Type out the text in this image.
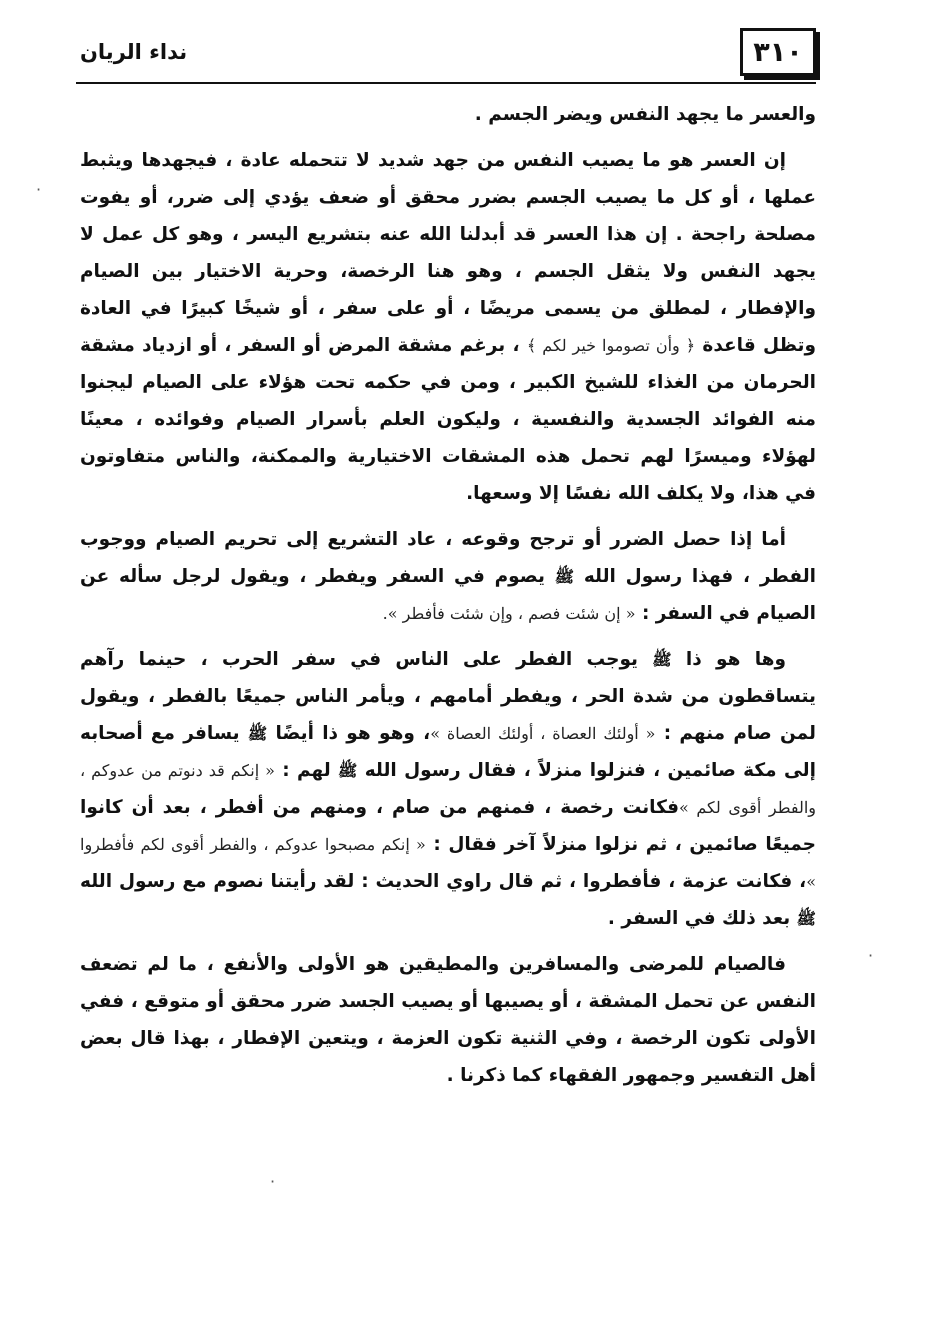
٣١٠
نداء الريان

والعسر ما يجهد النفس ويضر الجسم .

إن العسر هو ما يصيب النفس من جهد شديد لا تتحمله عادة ، فيجهدها ويثبط عملها ، أو كل ما يصيب الجسم بضرر محقق أو ضعف يؤدي إلى ضرر، أو يفوت مصلحة راجحة . إن هذا العسر قد أبدلنا الله عنه بتشريع اليسر ، وهو كل عمل لا يجهد النفس ولا يثقل الجسم ، وهو هنا الرخصة، وحرية الاختيار بين الصيام والإفطار ، لمطلق من يسمى مريضًا ، أو على سفر ، أو شيخًا كبيرًا في العادة وتظل قاعدة ﴿ وأن تصوموا خير لكم ﴾ ، برغم مشقة المرض أو السفر ، أو ازدياد مشقة الحرمان من الغذاء للشيخ الكبير ، ومن في حكمه تحت هؤلاء على الصيام ليجنوا منه الفوائد الجسدية والنفسية ، وليكون العلم بأسرار الصيام وفوائده ، معينًا لهؤلاء وميسرًا لهم تحمل هذه المشقات الاختيارية والممكنة، والناس متفاوتون في هذا، ولا يكلف الله نفسًا إلا وسعها.

أما إذا حصل الضرر أو ترجح وقوعه ، عاد التشريع إلى تحريم الصيام ووجوب الفطر ، فهذا رسول الله ﷺ يصوم في السفر ويفطر ، ويقول لرجل سأله عن الصيام في السفر : « إن شئت فصم ، وإن شئت فأفطر ».

وها هو ذا ﷺ يوجب الفطر على الناس في سفر الحرب ، حينما رآهم يتساقطون من شدة الحر ، ويفطر أمامهم ، ويأمر الناس جميعًا بالفطر ، ويقول لمن صام منهم : « أولئك العصاة ، أولئك العصاة »، وهو هو ذا أيضًا ﷺ يسافر مع أصحابه إلى مكة صائمين ، فنزلوا منزلاً ، فقال رسول الله ﷺ لهم : « إنكم قد دنوتم من عدوكم ، والفطر أقوى لكم »فكانت رخصة ، فمنهم من صام ، ومنهم من أفطر ، بعد أن كانوا جميعًا صائمين ، ثم نزلوا منزلاً آخر فقال : « إنكم مصبحوا عدوكم ، والفطر أقوى لكم فأفطروا »، فكانت عزمة ، فأفطروا ، ثم قال راوي الحديث : لقد رأيتنا نصوم مع رسول الله ﷺ بعد ذلك في السفر .

فالصيام للمرضى والمسافرين والمطيقين هو الأولى والأنفع ، ما لم تضعف النفس عن تحمل المشقة ، أو يصيبها أو يصيب الجسد ضرر محقق أو متوقع ، ففي الأولى تكون الرخصة ، وفي الثنية تكون العزمة ، ويتعين الإفطار ، بهذا قال بعض أهل التفسير وجمهور الفقهاء كما ذكرنا .

·
·
·
